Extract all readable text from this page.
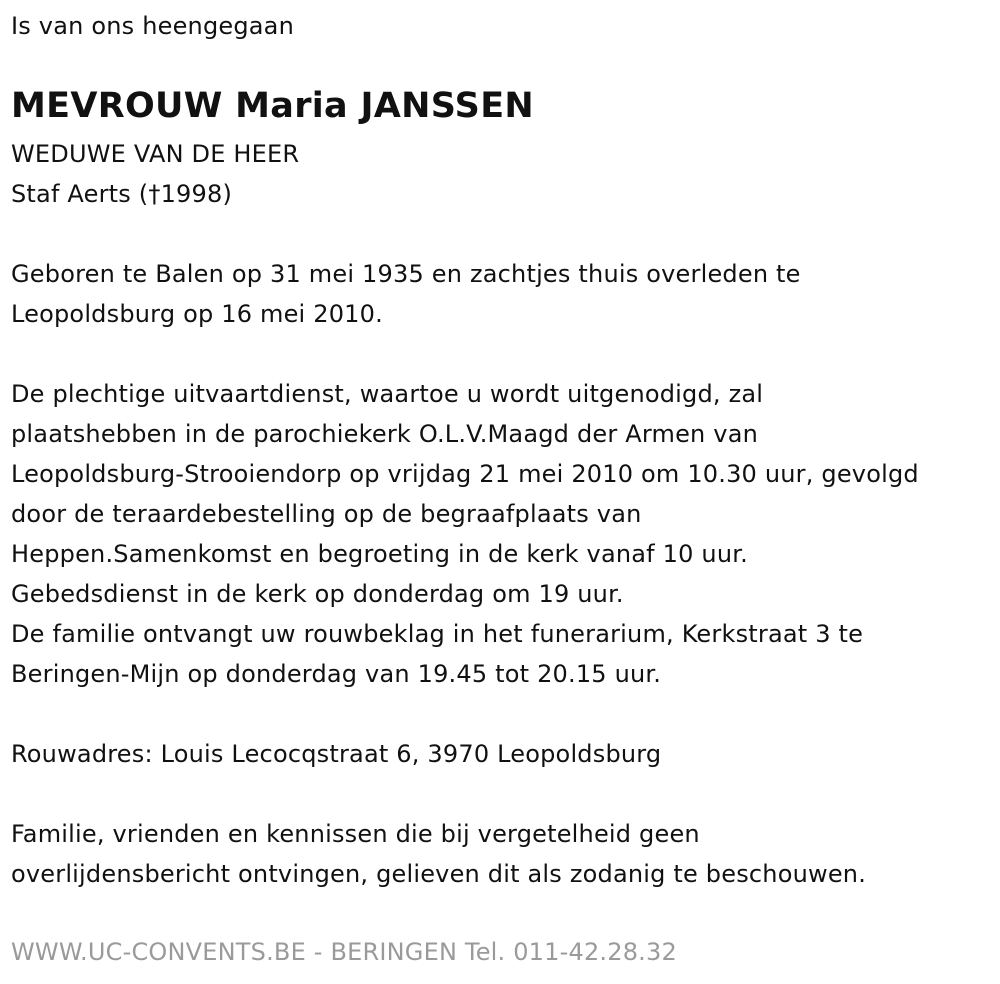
Is van ons heengegaan
MEVROUW Maria JANSSEN
WEDUWE VAN DE HEER
Staf Aerts (†1998)
Geboren te Balen op 31 mei 1935 en zachtjes thuis overleden te
Leopoldsburg op 16 mei 2010.
De plechtige uitvaartdienst, waartoe u wordt uitgenodigd, zal
plaatshebben in de parochiekerk O.L.V.Maagd der Armen van
Leopoldsburg-Strooiendorp op vrijdag 21 mei 2010 om 10.30 uur, gevolgd
door de teraardebestelling op de begraafplaats van
Heppen.Samenkomst en begroeting in de kerk vanaf 10 uur.
Gebedsdienst in de kerk op donderdag om 19 uur.
De familie ontvangt uw rouwbeklag in het funerarium, Kerkstraat 3 te
Beringen-Mijn op donderdag van 19.45 tot 20.15 uur.
Rouwadres: Louis Lecocqstraat 6, 3970 Leopoldsburg
Familie, vrienden en kennissen die bij vergetelheid geen
overlijdensbericht ontvingen, gelieven dit als zodanig te beschouwen.
WWW.UC-CONVENTS.BE - BERINGEN Tel. 011-42.28.32
